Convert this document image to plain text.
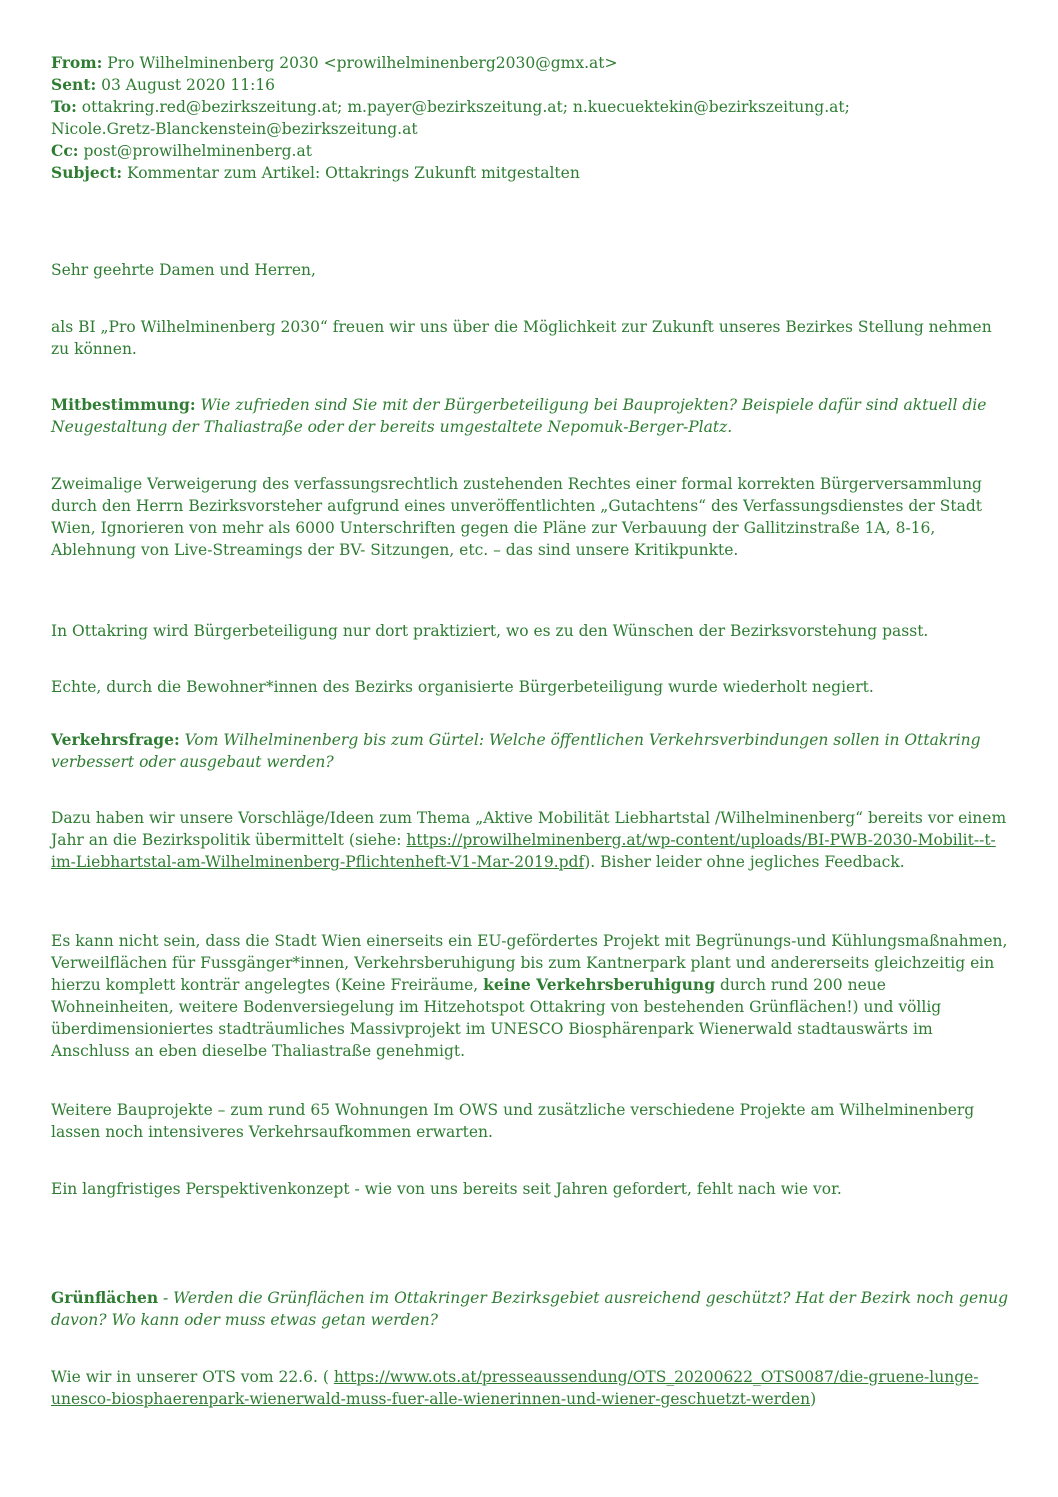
From: Pro Wilhelminenberg 2030 <prowilhelminenberg2030@gmx.at>
Sent: 03 August 2020 11:16
To: ottakring.red@bezirkszeitung.at; m.payer@bezirkszeitung.at; n.kuecuektekin@bezirkszeitung.at;
Nicole.Gretz-Blanckenstein@bezirkszeitung.at
Cc: post@prowilhelminenberg.at
Subject: Kommentar zum Artikel: Ottakrings Zukunft mitgestalten

Sehr geehrte Damen und Herren,

als BI „Pro Wilhelminenberg 2030“ freuen wir uns über die Möglichkeit zur Zukunft unseres Bezirkes Stellung nehmen zu können.

Mitbestimmung: Wie zufrieden sind Sie mit der Bürgerbeteiligung bei Bauprojekten? Beispiele dafür sind aktuell die Neugestaltung der Thaliastraße oder der bereits umgestaltete Nepomuk-Berger-Platz.

Zweimalige Verweigerung des verfassungsrechtlich zustehenden Rechtes einer formal korrekten Bürgerversammlung durch den Herrn Bezirksvorsteher aufgrund eines unveröffentlichten „Gutachtens“ des Verfassungsdienstes der Stadt Wien, Ignorieren von mehr als 6000 Unterschriften gegen die Pläne zur Verbauung der Gallitzinstraße 1A, 8-16, Ablehnung von Live-Streamings der BV- Sitzungen, etc. – das sind unsere Kritikpunkte.

In Ottakring wird Bürgerbeteiligung nur dort praktiziert, wo es zu den Wünschen der Bezirksvorstehung passt.

Echte, durch die Bewohner*innen des Bezirks organisierte Bürgerbeteiligung wurde wiederholt negiert.

Verkehrsfrage: Vom Wilhelminenberg bis zum Gürtel: Welche öffentlichen Verkehrsverbindungen sollen in Ottakring verbessert oder ausgebaut werden?

Dazu haben wir unsere Vorschläge/Ideen zum Thema „Aktive Mobilität Liebhartstal /Wilhelminenberg“ bereits vor einem Jahr an die Bezirkspolitik übermittelt (siehe: https://prowilhelminenberg.at/wp-content/uploads/BI-PWB-2030-Mobilit--t-im-Liebhartstal-am-Wilhelminenberg-Pflichtenheft-V1-Mar-2019.pdf). Bisher leider ohne jegliches Feedback.

Es kann nicht sein, dass die Stadt Wien einerseits ein EU-gefördertes Projekt mit Begrünungs-und Kühlungsmaßnahmen, Verweilflächen für Fussgänger*innen, Verkehrsberuhigung bis zum Kantnerpark plant und andererseits gleichzeitig ein hierzu komplett konträr angelegtes (Keine Freiräume, keine Verkehrsberuhigung durch rund 200 neue Wohneinheiten, weitere Bodenversiegelung im Hitzehotspot Ottakring von bestehenden Grünflächen!) und völlig überdimensioniertes stadträumliches Massivprojekt im UNESCO Biosphärenpark Wienerwald stadtauswärts im Anschluss an eben dieselbe Thaliastraße genehmigt.

Weitere Bauprojekte – zum rund 65 Wohnungen Im OWS und zusätzliche verschiedene Projekte am Wilhelminenberg lassen noch intensiveres Verkehrsaufkommen erwarten.

Ein langfristiges Perspektivenkonzept - wie von uns bereits seit Jahren gefordert, fehlt nach wie vor.

Grünflächen - Werden die Grünflächen im Ottakringer Bezirksgebiet ausreichend geschützt? Hat der Bezirk noch genug davon? Wo kann oder muss etwas getan werden?

Wie wir in unserer OTS vom 22.6. ( https://www.ots.at/presseaussendung/OTS_20200622_OTS0087/die-gruene-lunge-unesco-biosphaerenpark-wienerwald-muss-fuer-alle-wienerinnen-und-wiener-geschuetzt-werden)
